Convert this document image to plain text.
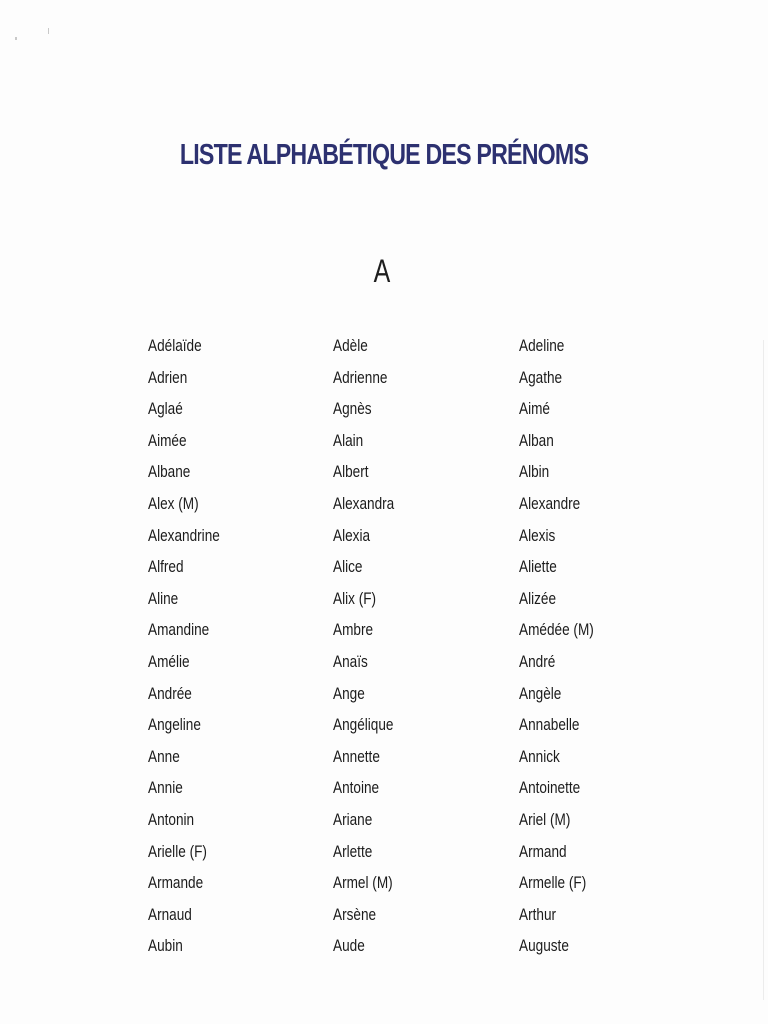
LISTE ALPHABÉTIQUE DES PRÉNOMS
A
Adélaïde	Adèle	Adeline
Adrien	Adrienne	Agathe
Aglaé	Agnès	Aimé
Aimée	Alain	Alban
Albane	Albert	Albin
Alex (M)	Alexandra	Alexandre
Alexandrine	Alexia	Alexis
Alfred	Alice	Aliette
Aline	Alix (F)	Alizée
Amandine	Ambre	Amédée (M)
Amélie	Anaïs	André
Andrée	Ange	Angèle
Angeline	Angélique	Annabelle
Anne	Annette	Annick
Annie	Antoine	Antoinette
Antonin	Ariane	Ariel (M)
Arielle (F)	Arlette	Armand
Armande	Armel (M)	Armelle (F)
Arnaud	Arsène	Arthur
Aubin	Aude	Auguste
